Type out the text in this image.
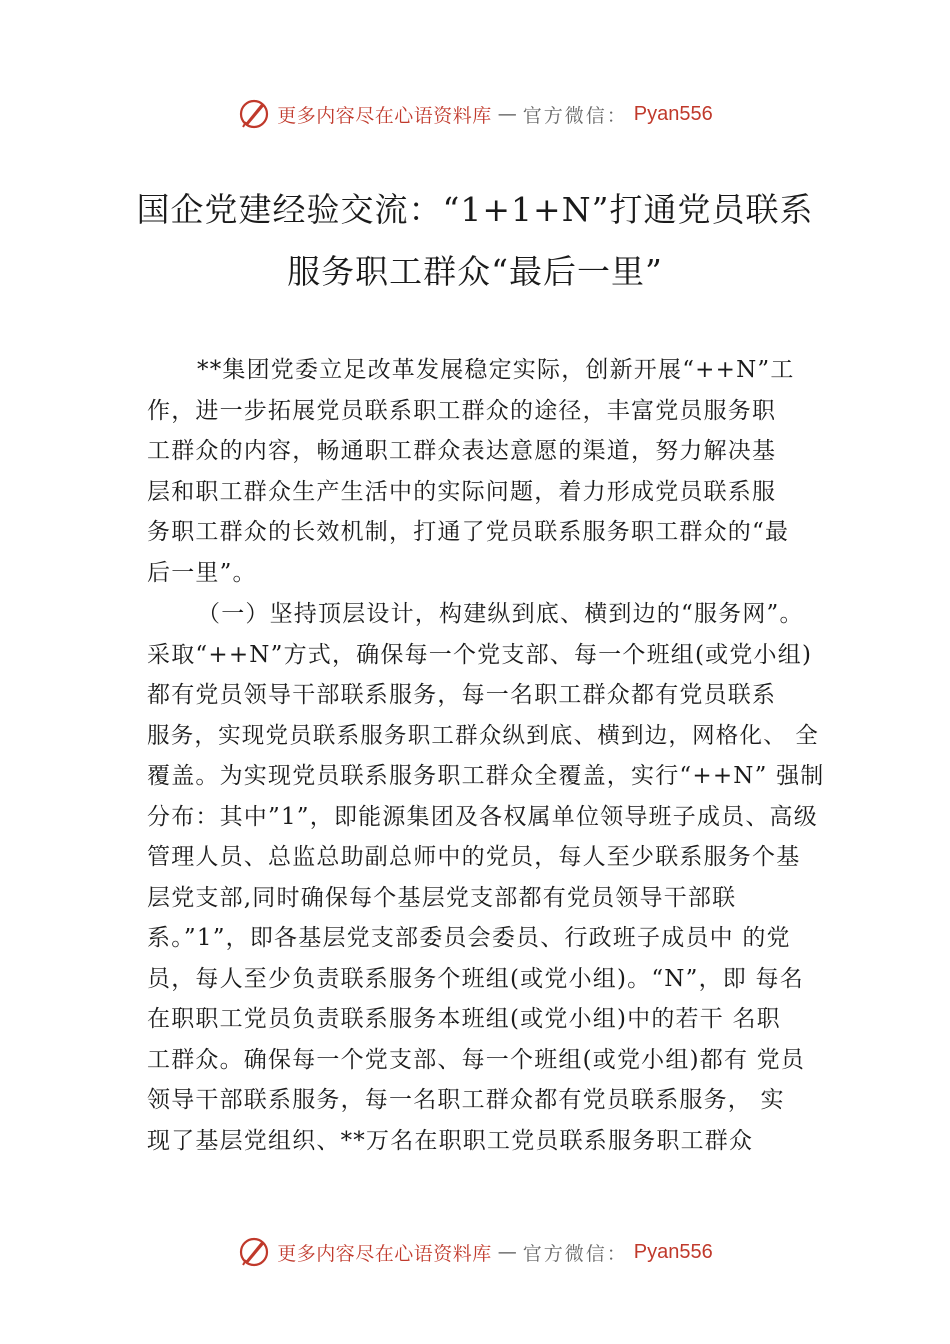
更多内容尽在心语资料库 — 官方微信： Pyan556
国企党建经验交流：“1+1+N”打通党员联系
服务职工群众“最后一里”
**集团党委立足改革发展稳定实际，创新开展“++N”工
作，进一步拓展党员联系职工群众的途径，丰富党员服务职
工群众的内容，畅通职工群众表达意愿的渠道，努力解决基
层和职工群众生产生活中的实际问题，着力形成党员联系服
务职工群众的长效机制，打通了党员联系服务职工群众的“最
后一里”。
（一）坚持顶层设计，构建纵到底、横到边的“服务网”。
采取“++N”方式，确保每一个党支部、每一个班组(或党小组)
都有党员领导干部联系服务，每一名职工群众都有党员联系
服务，实现党员联系服务职工群众纵到底、横到边，网格化、 全
覆盖。为实现党员联系服务职工群众全覆盖，实行“++N” 强制
分布：其中”1”，即能源集团及各权属单位领导班子成员、高级
管理人员、总监总助副总师中的党员，每人至少联系服务个基
层党支部,同时确保每个基层党支部都有党员领导干部联
系。”1”，即各基层党支部委员会委员、行政班子成员中 的党
员，每人至少负责联系服务个班组(或党小组)。“N”，即 每名
在职职工党员负责联系服务本班组(或党小组)中的若干 名职
工群众。确保每一个党支部、每一个班组(或党小组)都有 党员
领导干部联系服务，每一名职工群众都有党员联系服务， 实
现了基层党组织、**万名在职职工党员联系服务职工群众
更多内容尽在心语资料库 — 官方微信： Pyan556
